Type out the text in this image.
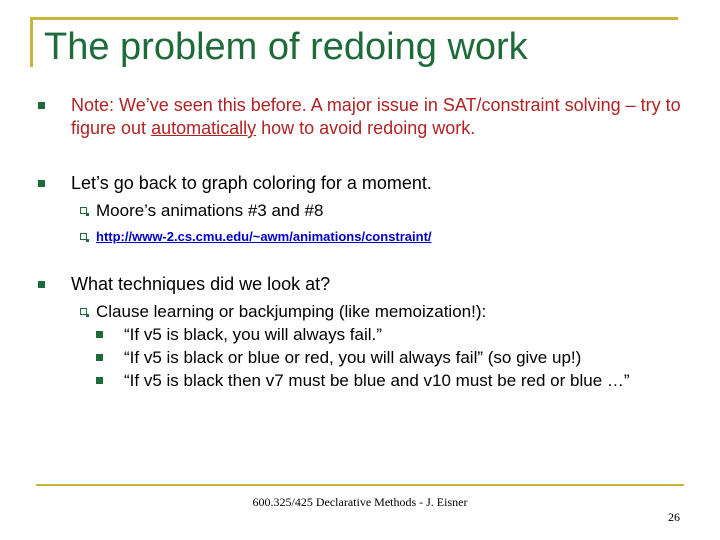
The problem of redoing work
Note: We’ve seen this before. A major issue in SAT/constraint solving – try to figure out automatically how to avoid redoing work.
Let’s go back to graph coloring for a moment.
Moore’s animations #3 and #8
http://www-2.cs.cmu.edu/~awm/animations/constraint/
What techniques did we look at?
Clause learning or backjumping (like memoization!):
“If v5 is black, you will always fail.”
“If v5 is black or blue or red, you will always fail” (so give up!)
“If v5 is black then v7 must be blue and v10 must be red or blue …”
600.325/425 Declarative Methods - J. Eisner
26
